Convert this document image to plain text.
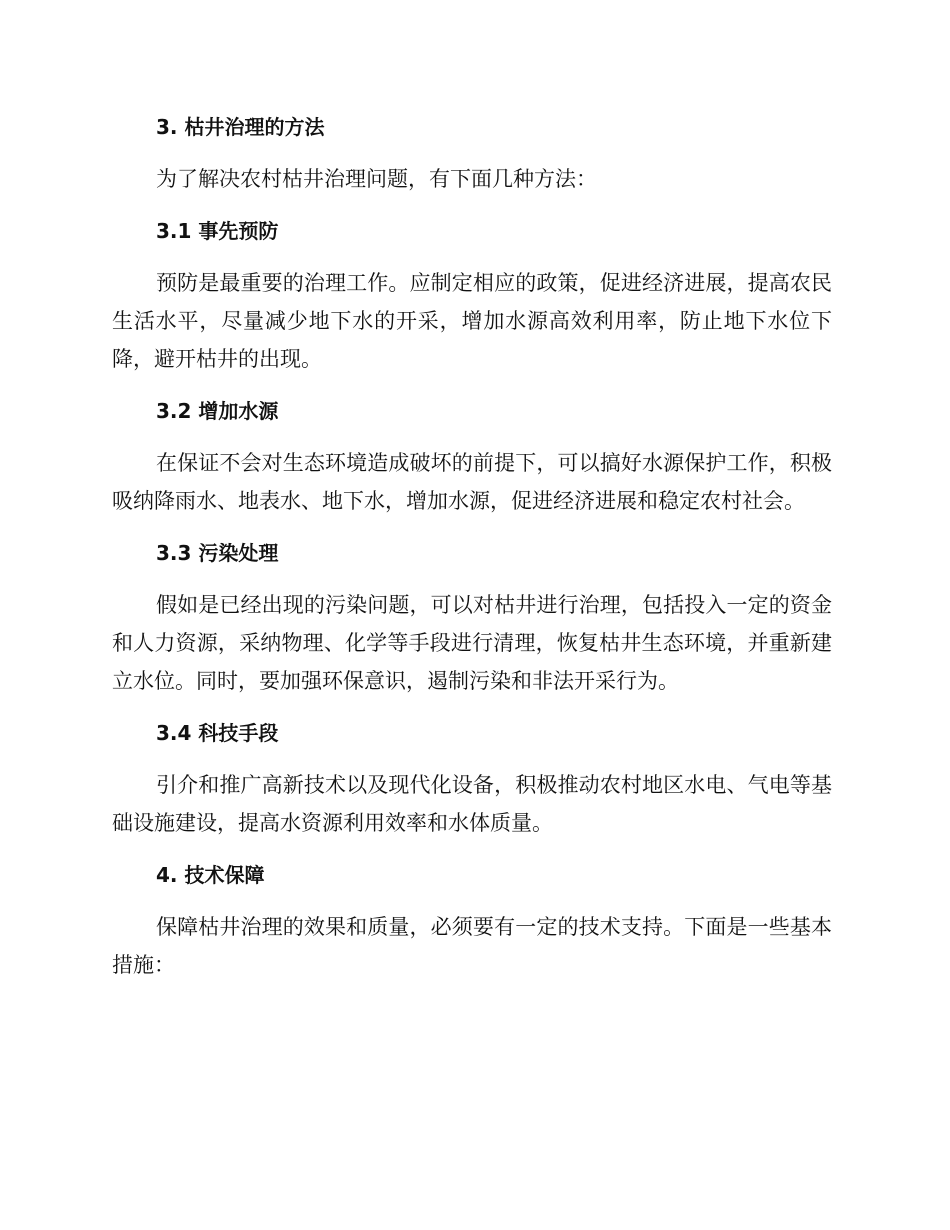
3. 枯井治理的方法

为了解决农村枯井治理问题，有下面几种方法：

3.1 事先预防

预防是最重要的治理工作。应制定相应的政策，促进经济进展，提高农民生活水平，尽量减少地下水的开采，增加水源高效利用率，防止地下水位下降，避开枯井的出现。

3.2 增加水源

在保证不会对生态环境造成破坏的前提下，可以搞好水源保护工作，积极吸纳降雨水、地表水、地下水，增加水源，促进经济进展和稳定农村社会。

3.3 污染处理

假如是已经出现的污染问题，可以对枯井进行治理，包括投入一定的资金和人力资源，采纳物理、化学等手段进行清理，恢复枯井生态环境，并重新建立水位。同时，要加强环保意识，遏制污染和非法开采行为。

3.4 科技手段

引介和推广高新技术以及现代化设备，积极推动农村地区水电、气电等基础设施建设，提高水资源利用效率和水体质量。

4. 技术保障

保障枯井治理的效果和质量，必须要有一定的技术支持。下面是一些基本措施：
